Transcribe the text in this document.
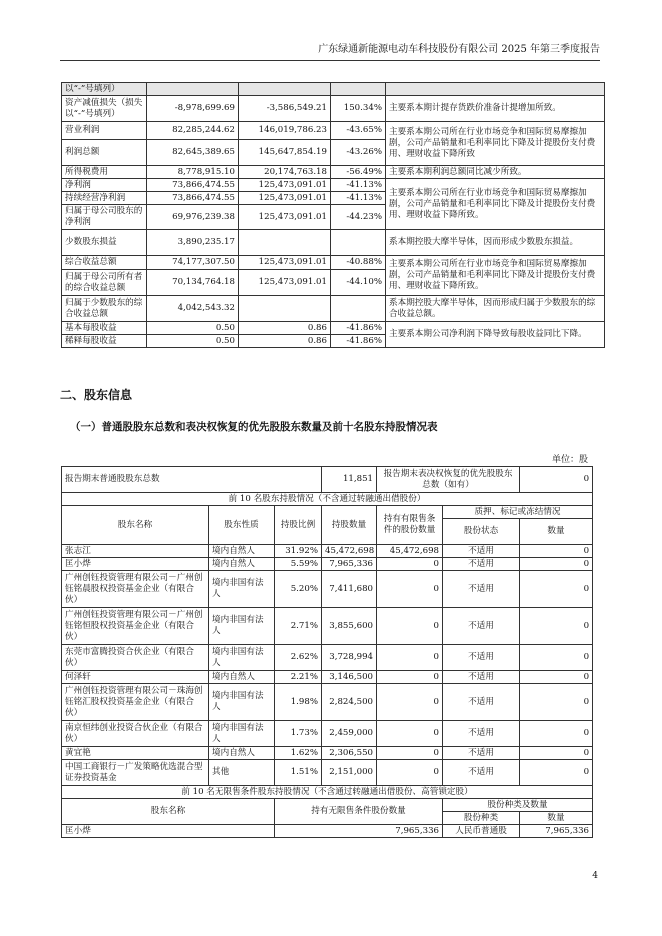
广东绿通新能源电动车科技股份有限公司 2025 年第三季度报告
以“-”号填列）				
资产减值损失（损失以“-”号填列）	-8,978,699.69	-3,586,549.21	150.34%	主要系本期计提存货跌价准备计提增加所致。
营业利润	82,285,244.62	146,019,786.23	-43.65%	主要系本期公司所在行业市场竞争和国际贸易摩擦加剧，公司产品销量和毛利率同比下降及计提股份支付费用、理财收益下降所致
利润总额	82,645,389.65	145,647,854.19	-43.26%	
所得税费用	8,778,915.10	20,174,763.18	-56.49%	主要系本期利润总额同比减少所致。
净利润	73,866,474.55	125,473,091.01	-41.13%	主要系本期公司所在行业市场竞争和国际贸易摩擦加剧，公司产品销量和毛利率同比下降及计提股份支付费用、理财收益下降所致。
持续经营净利润	73,866,474.55	125,473,091.01	-41.13%	
归属于母公司股东的净利润	69,976,239.38	125,473,091.01	-44.23%	
少数股东损益	3,890,235.17			系本期控股大摩半导体，因而形成少数股东损益。
综合收益总额	74,177,307.50	125,473,091.01	-40.88%	主要系本期公司所在行业市场竞争和国际贸易摩擦加剧，公司产品销量和毛利率同比下降及计提股份支付费用、理财收益下降所致。
归属于母公司所有者的综合收益总额	70,134,764.18	125,473,091.01	-44.10%	
归属于少数股东的综合收益总额	4,042,543.32			系本期控股大摩半导体，因而形成归属于少数股东的综合收益总额。
基本每股收益	0.50	0.86	-41.86%	主要系本期公司净利润下降导致每股收益同比下降。
稀释每股收益	0.50	0.86	-41.86%	
二、股东信息
（一）普通股股东总数和表决权恢复的优先股股东数量及前十名股东持股情况表
单位：股
报告期末普通股股东总数			11,851	报告期末表决权恢复的优先股股东总数（如有）		0
前 10 名股东持股情况（不含通过转融通出借股份）						
股东名称	股东性质	持股比例	持股数量	持有有限售条件的股份数量	质押、标记或冻结情况	
					股份状态	数量
张志江	境内自然人	31.92%	45,472,698	45,472,698	不适用	0
匡小烨	境内自然人	5.59%	7,965,336	0	不适用	0
广州创钰投资管理有限公司－广州创钰铭晨股权投资基金企业（有限合伙）	境内非国有法人	5.20%	7,411,680	0	不适用	0
广州创钰投资管理有限公司－广州创钰铭恒股权投资基金企业（有限合伙）	境内非国有法人	2.71%	3,855,600	0	不适用	0
东莞市富腾投资合伙企业（有限合伙）	境内非国有法人	2.62%	3,728,994	0	不适用	0
何泽轩	境内自然人	2.21%	3,146,500	0	不适用	0
广州创钰投资管理有限公司－珠海创钰铭汇股权投资基金企业（有限合伙）	境内非国有法人	1.98%	2,824,500	0	不适用	0
南京恒纬创业投资合伙企业（有限合伙）	境内非国有法人	1.73%	2,459,000	0	不适用	0
黄宜艳	境内自然人	1.62%	2,306,550	0	不适用	0
中国工商银行－广发策略优选混合型证券投资基金	其他	1.51%	2,151,000	0	不适用	0
前 10 名无限售条件股东持股情况（不含通过转融通出借股份、高管锁定股）						
股东名称		持有无限售条件股份数量			股份种类及数量	
					股份种类	数量
匡小烨		7,965,336			人民币普通股	7,965,336
4
